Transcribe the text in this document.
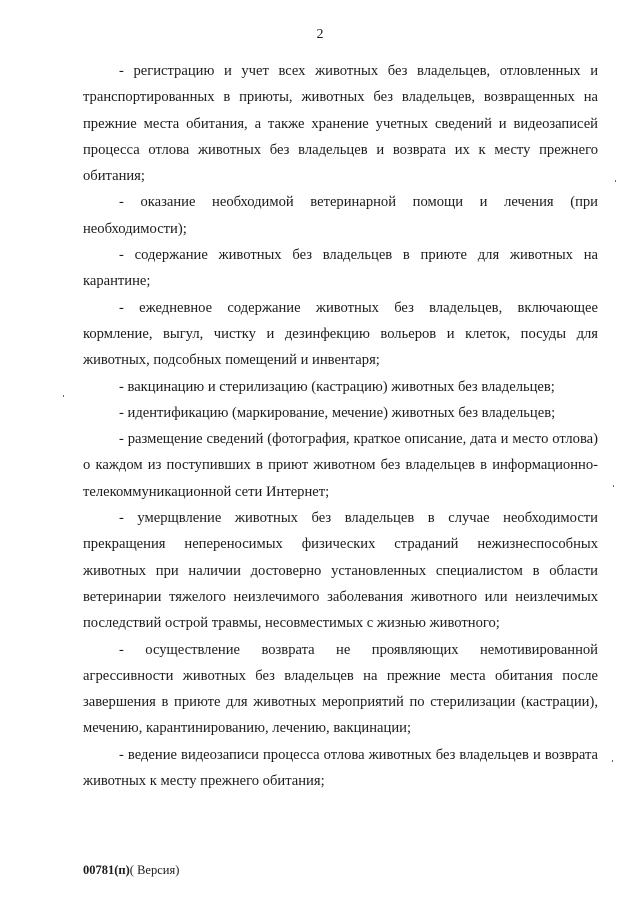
2

- регистрацию и учет всех животных без владельцев, отловленных и транспортированных в приюты, животных без владельцев, возвращенных на прежние места обитания, а также хранение учетных сведений и видеозаписей процесса отлова животных без владельцев и возврата их к месту прежнего обитания;

- оказание необходимой ветеринарной помощи и лечения (при необходимости);

- содержание животных без владельцев в приюте для животных на карантине;

- ежедневное содержание животных без владельцев, включающее кормление, выгул, чистку и дезинфекцию вольеров и клеток, посуды для животных, подсобных помещений и инвентаря;

- вакцинацию и стерилизацию (кастрацию) животных без владельцев;

- идентификацию (маркирование, мечение) животных без владельцев;

- размещение сведений (фотография, краткое описание, дата и место отлова) о каждом из поступивших в приют животном без владельцев в информационно-телекоммуникационной сети Интернет;

- умерщвление животных без владельцев в случае необходимости прекращения непереносимых физических страданий нежизнеспособных животных при наличии достоверно установленных специалистом в области ветеринарии тяжелого неизлечимого заболевания животного или неизлечимых последствий острой травмы, несовместимых с жизнью животного;

- осуществление возврата не проявляющих немотивированной агрессивности животных без владельцев на прежние места обитания после завершения в приюте для животных мероприятий по стерилизации (кастрации), мечению, карантинированию, лечению, вакцинации;

- ведение видеозаписи процесса отлова животных без владельцев и возврата животных к месту прежнего обитания;

00781(п)( Версия)
